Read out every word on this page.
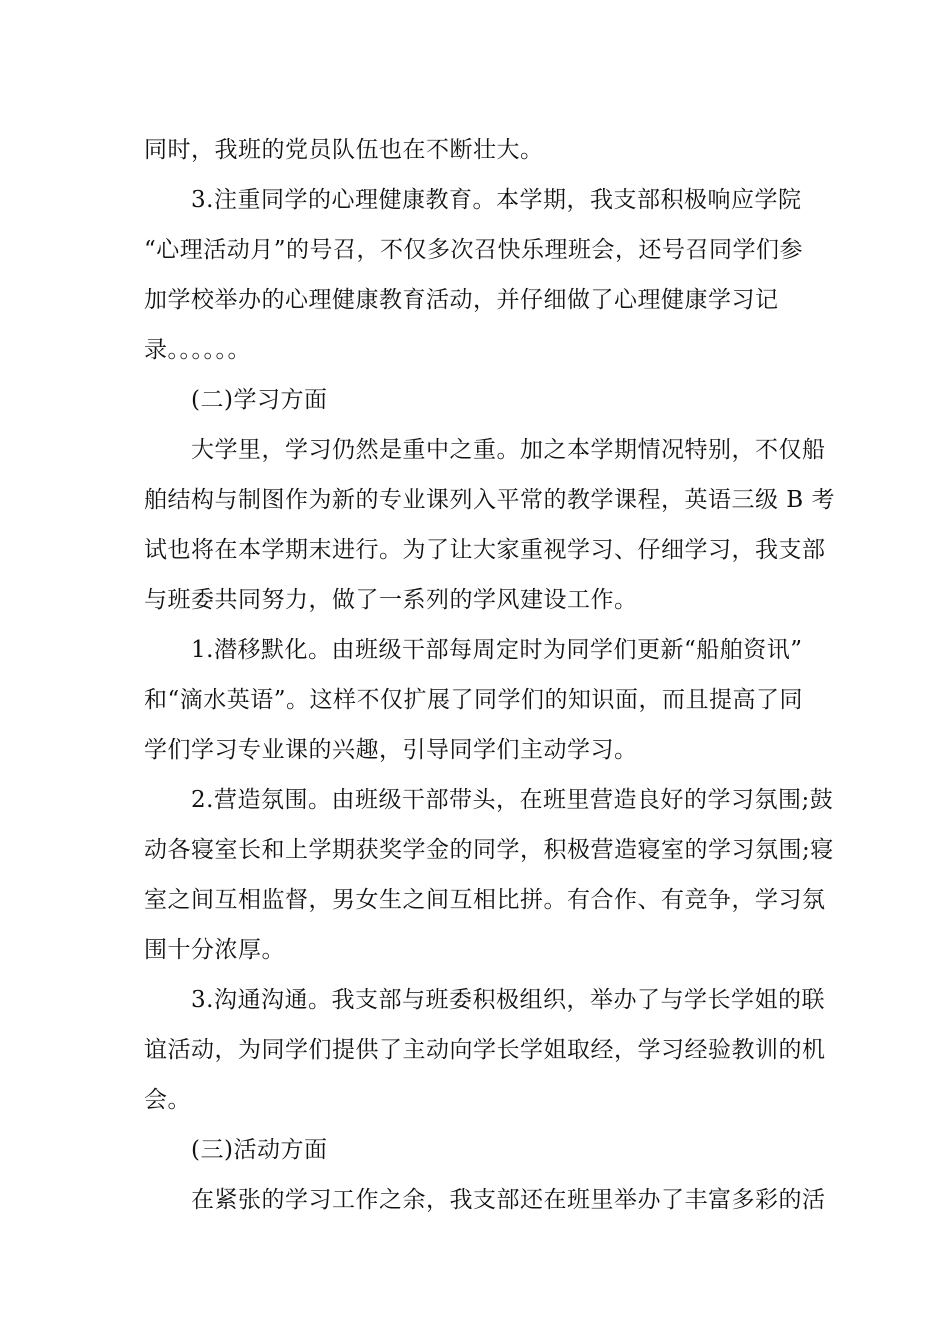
同时，我班的党员队伍也在不断壮大。
3.注重同学的心理健康教育。本学期，我支部积极响应学院
“心理活动月”的号召，不仅多次召快乐理班会，还号召同学们参
加学校举办的心理健康教育活动，并仔细做了心理健康学习记
录。。。。。。
(二)学习方面
大学里，学习仍然是重中之重。加之本学期情况特别，不仅船
舶结构与制图作为新的专业课列入平常的教学课程，英语三级 B 考
试也将在本学期末进行。为了让大家重视学习、仔细学习，我支部
与班委共同努力，做了一系列的学风建设工作。
1.潜移默化。由班级干部每周定时为同学们更新“船舶资讯”
和“滴水英语”。这样不仅扩展了同学们的知识面，而且提高了同
学们学习专业课的兴趣，引导同学们主动学习。
2.营造氛围。由班级干部带头，在班里营造良好的学习氛围;鼓
动各寝室长和上学期获奖学金的同学，积极营造寝室的学习氛围;寝
室之间互相监督，男女生之间互相比拼。有合作、有竞争，学习氛
围十分浓厚。
3.沟通沟通。我支部与班委积极组织，举办了与学长学姐的联
谊活动，为同学们提供了主动向学长学姐取经，学习经验教训的机
会。
(三)活动方面
在紧张的学习工作之余，我支部还在班里举办了丰富多彩的活
